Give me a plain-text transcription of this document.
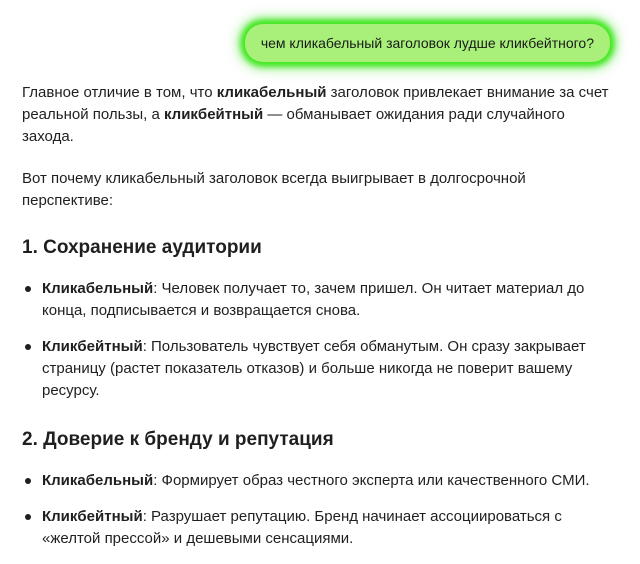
чем кликабельный заголовок лудше кликбейтного?

Главное отличие в том, что кликабельный заголовок привлекает внимание за счет реальной пользы, а кликбейтный — обманывает ожидания ради случайного захода.

Вот почему кликабельный заголовок всегда выигрывает в долгосрочной перспективе:

1. Сохранение аудитории
Кликабельный: Человек получает то, зачем пришел. Он читает материал до конца, подписывается и возвращается снова.
Кликбейтный: Пользователь чувствует себя обманутым. Он сразу закрывает страницу (растет показатель отказов) и больше никогда не поверит вашему ресурсу.
2. Доверие к бренду и репутация
Кликабельный: Формирует образ честного эксперта или качественного СМИ.
Кликбейтный: Разрушает репутацию. Бренд начинает ассоциироваться с «желтой прессой» и дешевыми сенсациями.
